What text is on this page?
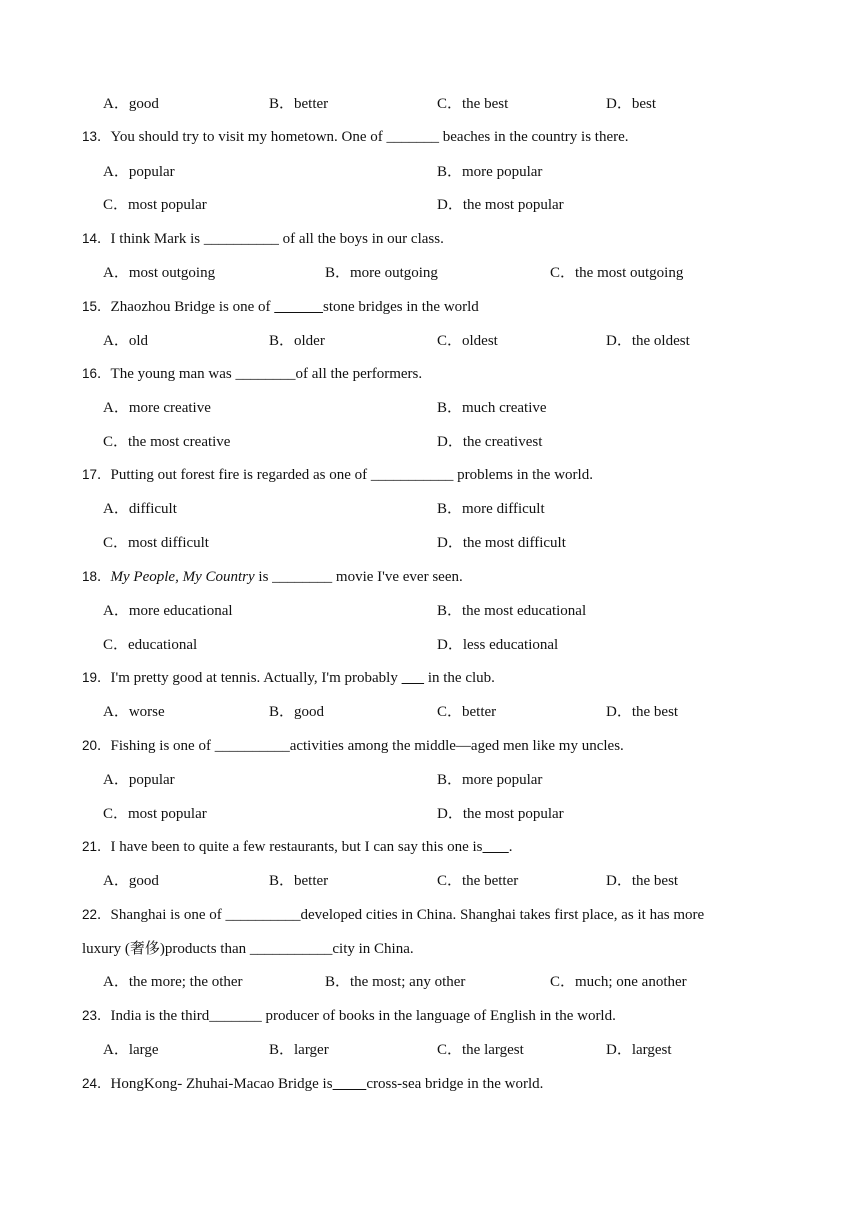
A．good	B．better	C．the best	D．best
13．You should try to visit my hometown. One of _______ beaches in the country is there.
A．popular	B．more popular
C．most popular	D．the most popular
14．I think Mark is __________ of all the boys in our class.
A．most outgoing	B．more outgoing	C．the most outgoing
15．Zhaozhou Bridge is one of	stone bridges in the world
A．old	B．older	C．oldest	D．the oldest
16．The young man was ________of all the performers.
A．more creative	B．much creative
C．the most creative	D．the creativest
17．Putting out forest fire is regarded as one of ___________ problems in the world.
A．difficult	B．more difficult
C．most difficult	D．the most difficult
18．My People, My Country is ________ movie I've ever seen.
A．more educational	B．the most educational
C．educational	D．less educational
19．I'm pretty good at tennis. Actually, I'm probably        in the club.
A．worse	B．good	C．better	D．the best
20．Fishing is one of __________activities among the middle—aged men like my uncles.
A．popular	B．more popular
C．most popular	D．the most popular
21．I have been to quite a few restaurants, but I can say this one is .
A．good	B．better	C．the better	D．the best
22．Shanghai is one of __________developed cities in China. Shanghai takes first place, as it has more
luxury (奢侈)products than ___________city in China.
A．the more; the other	B．the most; any other	C．much; one another
23．India is the third_______ producer of books in the language of English in the world.
A．large	B．larger	C．the largest	D．largest
24．HongKong- Zhuhai-Macao Bridge is cross-sea bridge in the world.
